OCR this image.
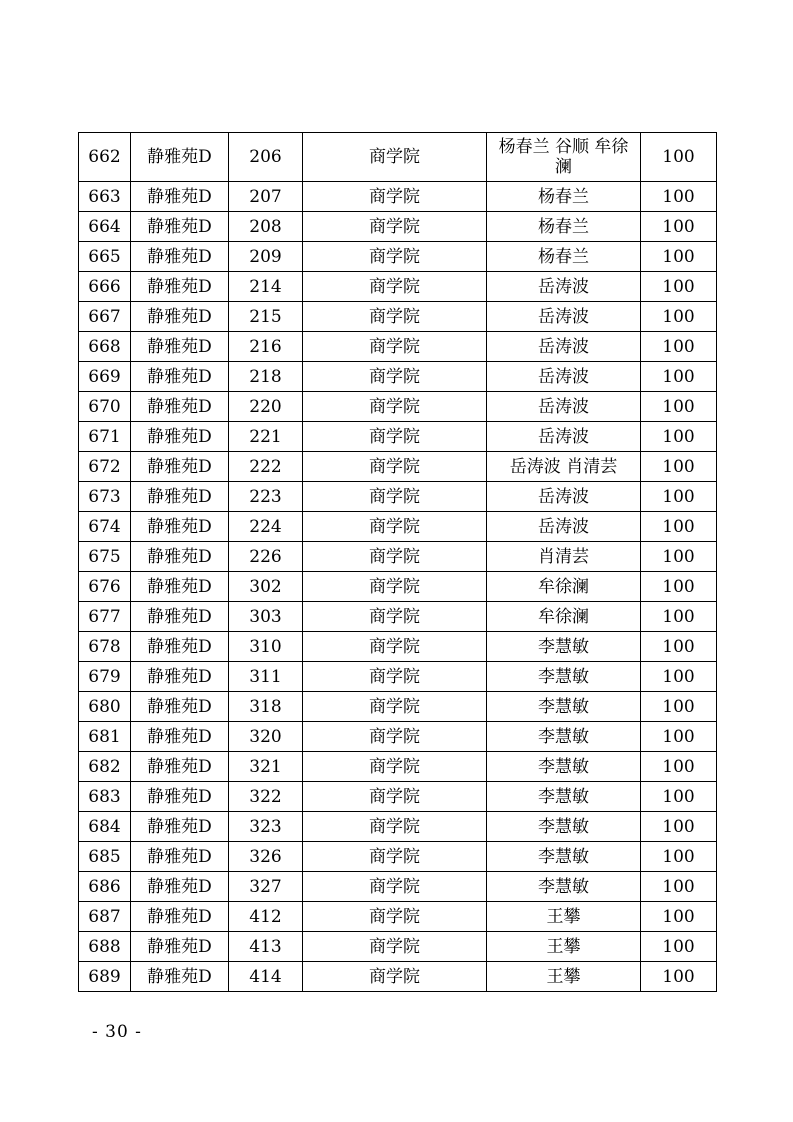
662	静雅苑D	206	商学院	杨春兰 谷顺 牟徐澜	100
663	静雅苑D	207	商学院	杨春兰	100
664	静雅苑D	208	商学院	杨春兰	100
665	静雅苑D	209	商学院	杨春兰	100
666	静雅苑D	214	商学院	岳涛波	100
667	静雅苑D	215	商学院	岳涛波	100
668	静雅苑D	216	商学院	岳涛波	100
669	静雅苑D	218	商学院	岳涛波	100
670	静雅苑D	220	商学院	岳涛波	100
671	静雅苑D	221	商学院	岳涛波	100
672	静雅苑D	222	商学院	岳涛波 肖清芸	100
673	静雅苑D	223	商学院	岳涛波	100
674	静雅苑D	224	商学院	岳涛波	100
675	静雅苑D	226	商学院	肖清芸	100
676	静雅苑D	302	商学院	牟徐澜	100
677	静雅苑D	303	商学院	牟徐澜	100
678	静雅苑D	310	商学院	李慧敏	100
679	静雅苑D	311	商学院	李慧敏	100
680	静雅苑D	318	商学院	李慧敏	100
681	静雅苑D	320	商学院	李慧敏	100
682	静雅苑D	321	商学院	李慧敏	100
683	静雅苑D	322	商学院	李慧敏	100
684	静雅苑D	323	商学院	李慧敏	100
685	静雅苑D	326	商学院	李慧敏	100
686	静雅苑D	327	商学院	李慧敏	100
687	静雅苑D	412	商学院	王攀	100
688	静雅苑D	413	商学院	王攀	100
689	静雅苑D	414	商学院	王攀	100
- 30 -
